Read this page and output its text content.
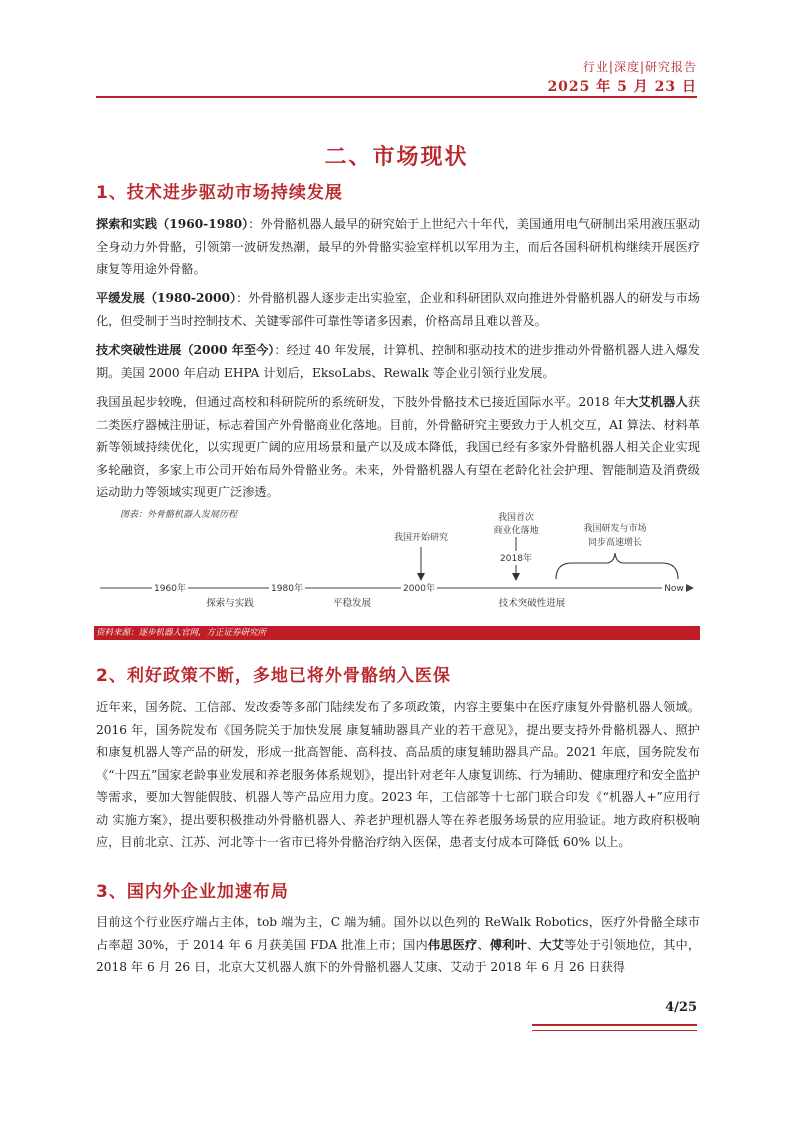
行业|深度|研究报告
2025 年 5 月 23 日
二、市场现状
1、技术进步驱动市场持续发展
探索和实践（1960-1980）：外骨骼机器人最早的研究始于上世纪六十年代，美国通用电气研制出采用液压驱动全身动力外骨骼，引领第一波研发热潮，最早的外骨骼实验室样机以军用为主，而后各国科研机构继续开展医疗康复等用途外骨骼。
平缓发展（1980-2000）：外骨骼机器人逐步走出实验室，企业和科研团队双向推进外骨骼机器人的研发与市场化，但受制于当时控制技术、关键零部件可靠性等诸多因素，价格高昂且难以普及。
技术突破性进展（2000 年至今）：经过 40 年发展，计算机、控制和驱动技术的进步推动外骨骼机器人进入爆发期。美国 2000 年启动 EHPA 计划后，EksoLabs、Rewalk 等企业引领行业发展。
我国虽起步较晚，但通过高校和科研院所的系统研发，下肢外骨骼技术已接近国际水平。2018 年大艾机器人获二类医疗器械注册证，标志着国产外骨骼商业化落地。目前，外骨骼研究主要致力于人机交互，AI 算法、材料革新等领域持续优化，以实现更广阔的应用场景和量产以及成本降低，我国已经有多家外骨骼机器人相关企业实现多轮融资，多家上市公司开始布局外骨骼业务。未来，外骨骼机器人有望在老龄化社会护理、智能制造及消费级运动助力等领域实现更广泛渗透。
图表：外骨骼机器人发展历程
1960年	1980年	2000年	Now
探索与实践	平稳发展	技术突破性进展
我国开始研究
我国首次
商业化落地
2018年
我国研发与市场
同步高速增长
资料来源：逐步机器人官网，方正证券研究所
2、利好政策不断，多地已将外骨骼纳入医保
近年来，国务院、工信部、发改委等多部门陆续发布了多项政策，内容主要集中在医疗康复外骨骼机器人领域。2016 年，国务院发布《国务院关于加快发展 康复辅助器具产业的若干意见》，提出要支持外骨骼机器人、照护和康复机器人等产品的研发，形成一批高智能、高科技、高品质的康复辅助器具产品。2021 年底，国务院发布《“十四五”国家老龄事业发展和养老服务体系规划》，提出针对老年人康复训练、行为辅助、健康理疗和安全监护等需求，要加大智能假肢、机器人等产品应用力度。2023 年，工信部等十七部门联合印发《“机器人+”应用行动 实施方案》，提出要积极推动外骨骼机器人、养老护理机器人等在养老服务场景的应用验证。地方政府积极响应，目前北京、江苏、河北等十一省市已将外骨骼治疗纳入医保，患者支付成本可降低 60% 以上。
3、国内外企业加速布局
目前这个行业医疗端占主体，tob 端为主，C 端为辅。国外以以色列的 ReWalk Robotics，医疗外骨骼全球市占率超 30%，于 2014 年 6 月获美国 FDA 批准上市；国内伟思医疗、傅利叶、大艾等处于引领地位，其中，2018 年 6 月 26 日，北京大艾机器人旗下的外骨骼机器人艾康、艾动于 2018 年 6 月 26 日获得
4/25
